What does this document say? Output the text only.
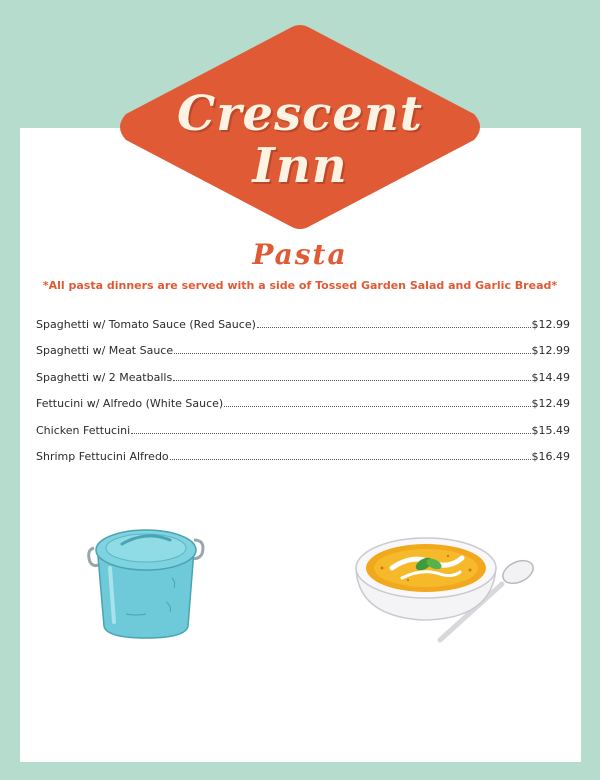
Crescent
Inn
Pasta
*All pasta dinners are served with a side of Tossed Garden Salad and Garlic Bread*
Spaghetti w/ Tomato Sauce (Red Sauce)	$12.99
Spaghetti w/ Meat Sauce	$12.99
Spaghetti w/ 2 Meatballs	$14.49
Fettucini w/ Alfredo (White Sauce)	$12.49
Chicken Fettucini	$15.49
Shrimp Fettucini Alfredo	$16.49
